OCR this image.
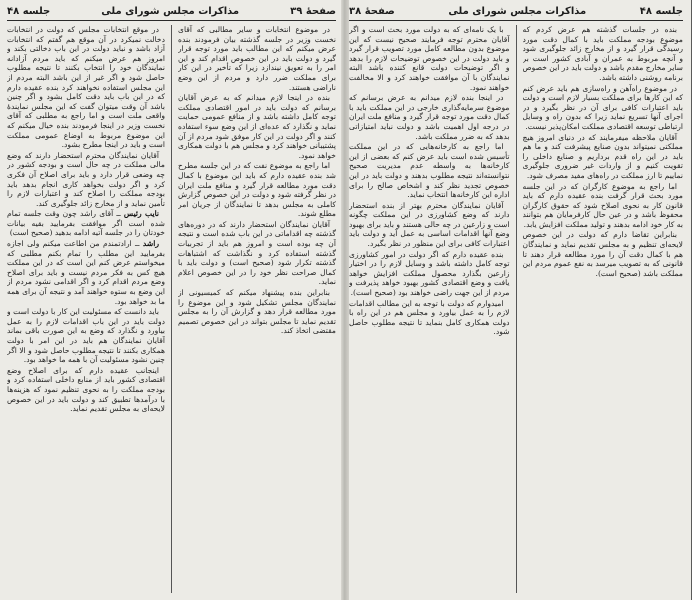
صفحهٔ ۳۹
مذاکرات مجلس شورای ملی
جلسه ۴۸

در موقع انتخابات مجلس که دولت در انتخابات دخالت نمیکرد در آن موقع هم گفتم که انتخابات آزاد باشد و نباید دولت در این باب دخالتی بکند و امروز هم عرض میکنم که باید مردم آزادانه نمایندگان خود را انتخاب بکنند تا نتیجه مطلوب حاصل شود و اگر غیر از این باشد البته مردم از این مجلس استفاده نخواهند کرد بنده عقیده دارم که در این باب باید دقت کامل بشود و اگر چنین باشد آن وقت میتوان گفت که این مجلس نمایندهٔ واقعی ملت است و اما راجع به مطلبی که آقای نخست وزیر در اینجا فرمودند بنده خیال میکنم که این موضوع مربوط به اوضاع عمومی مملکت است و باید در اینجا مطرح بشود.

آقایان نمایندگان محترم استحضار دارند که وضع مالی مملکت در چه حال است و بودجه کشور در چه وضعی قرار دارد و باید برای اصلاح آن فکری کرد و اگر دولت بخواهد کاری انجام بدهد باید بودجه مملکت را اصلاح کند و اعتبارات لازم را تأمین نماید و از مخارج زائد جلوگیری کند.

نایب رئیس ــ آقای راشد چون وقت جلسه تمام شده است اگر موافقت بفرمایید بقیه بیانات خودتان را در جلسه آتیه ادامه بدهید (صحیح است)

راشد ــ ارادتمندم من اطاعت میکنم ولی اجازه بفرمایید این مطلب را تمام بکنم مطلبی که میخواستم عرض کنم این است که در این مملکت هیچ کس به فکر مردم نیست و باید برای اصلاح وضع مردم اقدام کرد و اگر اقدامی نشود مردم از این وضع به ستوه خواهند آمد و نتیجه آن برای همه ما بد خواهد بود.

باید دانست که مسئولیت این کار با دولت است و دولت باید در این باب اقدامات لازم را به عمل بیاورد و نگذارد که وضع به این صورت باقی بماند آقایان نمایندگان هم باید در این امر با دولت همکاری بکنند تا نتیجه مطلوب حاصل شود و الا اگر چنین نشود مسئولیت آن با همه ما خواهد بود.

اینجانب عقیده دارم که برای اصلاح وضع اقتصادی کشور باید از منابع داخلی استفاده کرد و بودجه مملکت را به نحوی تنظیم نمود که هزینه‌ها با درآمدها تطبیق کند و دولت باید در این خصوص لایحه‌ای به مجلس تقدیم نماید.

در موضوع انتخابات و سایر مطالبی که آقای نخست وزیر در جلسه گذشته بیان فرمودند بنده عرض میکنم که این مطالب باید مورد توجه قرار گیرد و دولت باید در این خصوص اقدام کند و این امر را به تعویق نیندازد زیرا که تأخیر در این کار برای مملکت ضرر دارد و مردم از این وضع ناراضی هستند.

بنده در اینجا لازم میدانم که به عرض آقایان برسانم که دولت باید در امور اقتصادی مملکت توجه کامل داشته باشد و از منافع عمومی حمایت نماید و نگذارد که عده‌ای از این وضع سوء استفاده کنند و اگر دولت در این کار موفق شود مردم از آن پشتیبانی خواهند کرد و مجلس هم با دولت همکاری خواهد نمود.

اما راجع به موضوع نفت که در این جلسه مطرح شد بنده عقیده دارم که باید این موضوع با کمال دقت مورد مطالعه قرار گیرد و منافع ملت ایران در نظر گرفته شود و دولت در این خصوص گزارش کاملی به مجلس بدهد تا نمایندگان از جریان امر مطلع شوند.

آقایان نمایندگان استحضار دارند که در دوره‌های گذشته چه اقداماتی در این باب شده است و نتیجه آن چه بوده است و امروز هم باید از تجربیات گذشته استفاده کرد و نگذاشت که اشتباهات گذشته تکرار شود (صحیح است) و دولت باید با کمال صراحت نظر خود را در این خصوص اعلام نماید.

بنابراین بنده پیشنهاد میکنم که کمیسیونی از نمایندگان مجلس تشکیل شود و این موضوع را مورد مطالعه قرار دهد و گزارش آن را به مجلس تقدیم نماید تا مجلس بتواند در این خصوص تصمیم مقتضی اتخاذ کند.

جلسه ۴۸
مذاکرات مجلس شورای ملی
صفحهٔ ۳۸

با یک نامه‌ای که به دولت مورد بحث است و اگر آقایان محترم توجه فرمایند صحیح نیست که این موضوع بدون مطالعه کامل مورد تصویب قرار گیرد و باید دولت در این خصوص توضیحات لازم را بدهد و اگر توضیحات دولت قانع کننده باشد البته نمایندگان با آن موافقت خواهند کرد و الا مخالفت خواهند نمود.

در اینجا بنده لازم میدانم به عرض برسانم که موضوع سرمایه‌گذاری خارجی در این مملکت باید با کمال دقت مورد توجه قرار گیرد و منافع ملت ایران در درجه اول اهمیت باشد و دولت نباید امتیازاتی بدهد که به ضرر مملکت باشد.

اما راجع به کارخانه‌هایی که در این مملکت تأسیس شده است باید عرض کنم که بعضی از این کارخانه‌ها به واسطه عدم مدیریت صحیح نتوانسته‌اند نتیجه مطلوب بدهند و دولت باید در این خصوص تجدید نظر کند و اشخاص صالح را برای اداره این کارخانه‌ها انتخاب نماید.

آقایان نمایندگان محترم بهتر از بنده استحضار دارند که وضع کشاورزی در این مملکت چگونه است و زارعین در چه حالی هستند و باید برای بهبود وضع آنها اقدامات اساسی به عمل آید و دولت باید اعتبارات کافی برای این منظور در نظر بگیرد.

بنده عقیده دارم که اگر دولت در امور کشاورزی توجه کامل داشته باشد و وسایل لازم را در اختیار زارعین بگذارد محصول مملکت افزایش خواهد یافت و وضع اقتصادی کشور بهبود خواهد پذیرفت و مردم از این جهت راضی خواهند بود (صحیح است).

امیدوارم که دولت با توجه به این مطالب اقدامات لازم را به عمل بیاورد و مجلس هم در این راه با دولت همکاری کامل بنماید تا نتیجه مطلوب حاصل شود.

بنده در جلسات گذشته هم عرض کردم که موضوع بودجه مملکت باید با کمال دقت مورد رسیدگی قرار گیرد و از مخارج زائد جلوگیری شود و آنچه مربوط به عمران و آبادی کشور است بر سایر مخارج مقدم باشد و دولت باید در این خصوص برنامه روشنی داشته باشد.

در موضوع راه‌آهن و راه‌سازی هم باید عرض کنم که این کارها برای مملکت بسیار لازم است و دولت باید اعتبارات کافی برای آن در نظر بگیرد و در اجرای آنها تسریع نماید زیرا که بدون راه و وسایل ارتباطی توسعه اقتصادی مملکت امکان‌پذیر نیست.

آقایان ملاحظه میفرمایند که در دنیای امروز هیچ مملکتی نمیتواند بدون صنایع پیشرفت کند و ما هم باید در این راه قدم برداریم و صنایع داخلی را تقویت کنیم و از واردات غیر ضروری جلوگیری نماییم تا ارز مملکت در راه‌های مفید مصرف شود.

اما راجع به موضوع کارگران که در این جلسه مورد بحث قرار گرفت بنده عقیده دارم که باید قانون کار به نحوی اصلاح شود که حقوق کارگران محفوظ باشد و در عین حال کارفرمایان هم بتوانند به کار خود ادامه بدهند و تولید مملکت افزایش یابد.

بنابراین تقاضا دارم که دولت در این خصوص لایحه‌ای تنظیم و به مجلس تقدیم نماید و نمایندگان هم با کمال دقت آن را مورد مطالعه قرار دهند تا قانونی که به تصویب میرسد به نفع عموم مردم این مملکت باشد (صحیح است).
